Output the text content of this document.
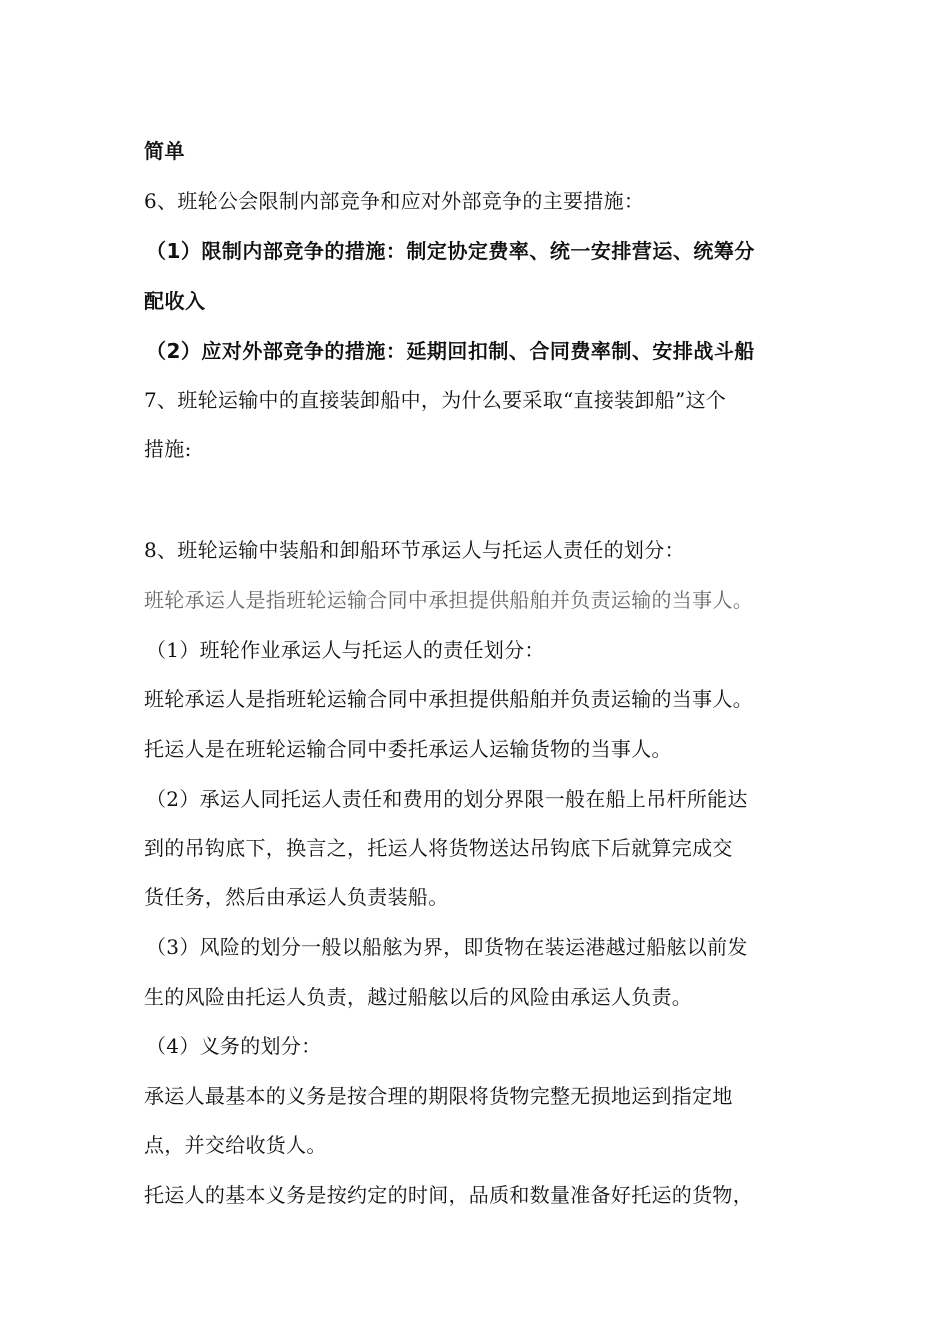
简单
6、班轮公会限制内部竞争和应对外部竞争的主要措施：
（1）限制内部竞争的措施：制定协定费率、统一安排营运、统筹分
配收入
（2）应对外部竞争的措施：延期回扣制、合同费率制、安排战斗船
7、班轮运输中的直接装卸船中，为什么要采取“直接装卸船”这个
措施:
8、班轮运输中装船和卸船环节承运人与托运人责任的划分：
班轮承运人是指班轮运输合同中承担提供船舶并负责运输的当事人。
（1）班轮作业承运人与托运人的责任划分：
班轮承运人是指班轮运输合同中承担提供船舶并负责运输的当事人。
托运人是在班轮运输合同中委托承运人运输货物的当事人。
（2）承运人同托运人责任和费用的划分界限一般在船上吊杆所能达
到的吊钩底下，换言之，托运人将货物送达吊钩底下后就算完成交
货任务，然后由承运人负责装船。
（3）风险的划分一般以船舷为界，即货物在装运港越过船舷以前发
生的风险由托运人负责，越过船舷以后的风险由承运人负责。
（4）义务的划分：
承运人最基本的义务是按合理的期限将货物完整无损地运到指定地
点，并交给收货人。
托运人的基本义务是按约定的时间，品质和数量准备好托运的货物，
